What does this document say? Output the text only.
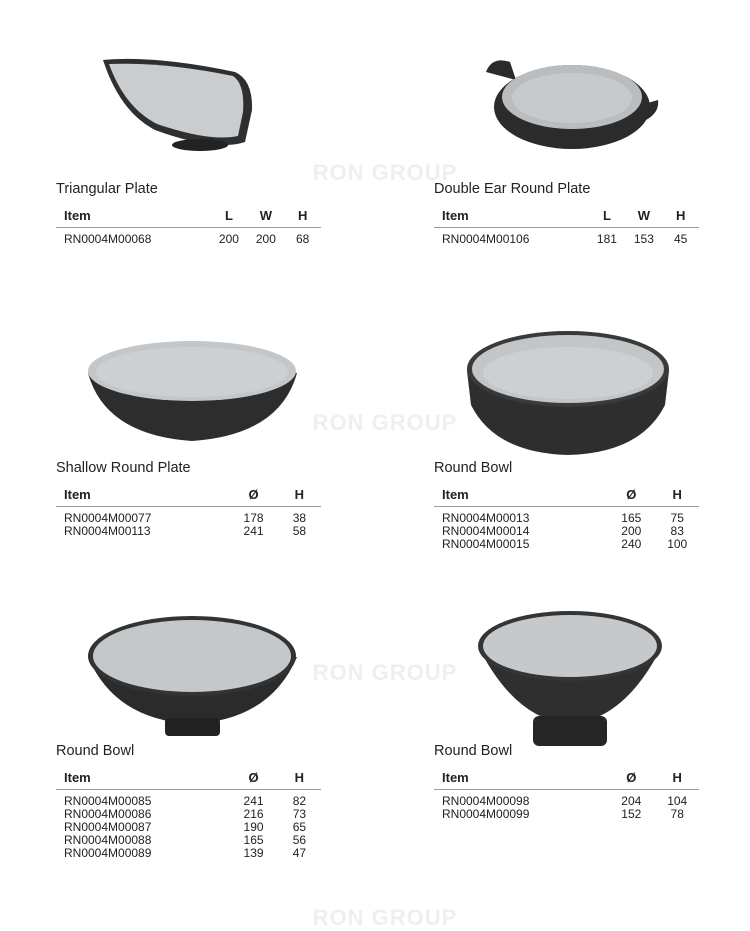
RON GROUP
RON GROUP
RON GROUP
RON GROUP
Triangular Plate
Item	L	W	H
RN0004M00068	200	200	68
Double Ear Round Plate
Item	L	W	H
RN0004M00106	181	153	45
Shallow Round Plate
Item	Ø	H
RN0004M00077	178	38
RN0004M00113	241	58
Round Bowl
Item	Ø	H
RN0004M00013	165	75
RN0004M00014	200	83
RN0004M00015	240	100
Round Bowl
Item	Ø	H
RN0004M00085	241	82
RN0004M00086	216	73
RN0004M00087	190	65
RN0004M00088	165	56
RN0004M00089	139	47
Round Bowl
Item	Ø	H
RN0004M00098	204	104
RN0004M00099	152	78
